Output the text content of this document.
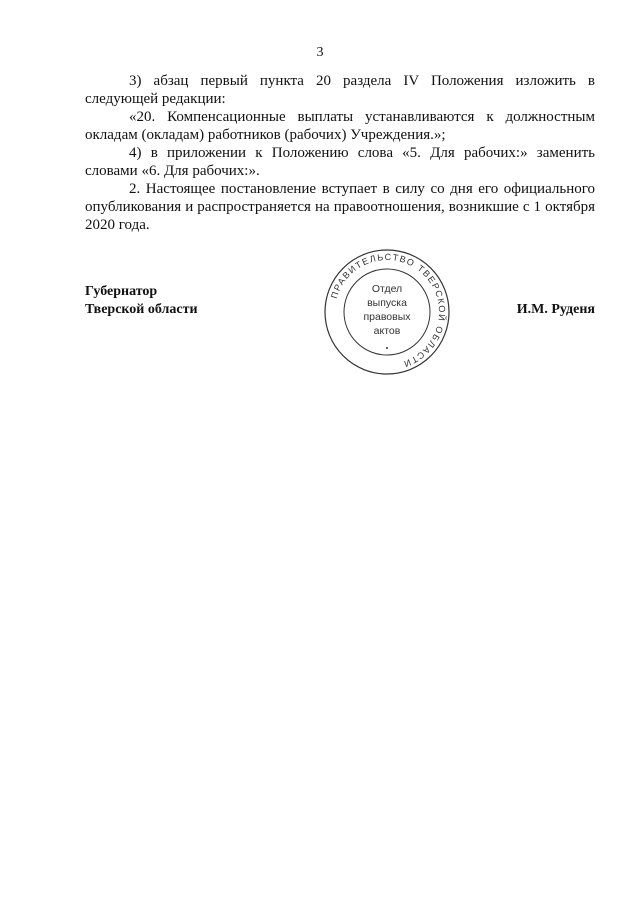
3

3) абзац первый пункта 20 раздела IV Положения изложить в следующей редакции:

«20. Компенсационные выплаты устанавливаются к должностным окладам (окладам) работников (рабочих) Учреждения.»;

4) в приложении к Положению слова «5. Для рабочих:» заменить словами «6. Для рабочих:».

2. Настоящее постановление вступает в силу со дня его официального опубликования и распространяется на правоотношения, возникшие с 1 октября 2020 года.

Губернатор
Тверской области
ПРАВИТЕЛЬСТВО ТВЕРСКОЙ ОБЛАСТИ
Отдел
выпуска
правовых
актов
И.М. Руденя
